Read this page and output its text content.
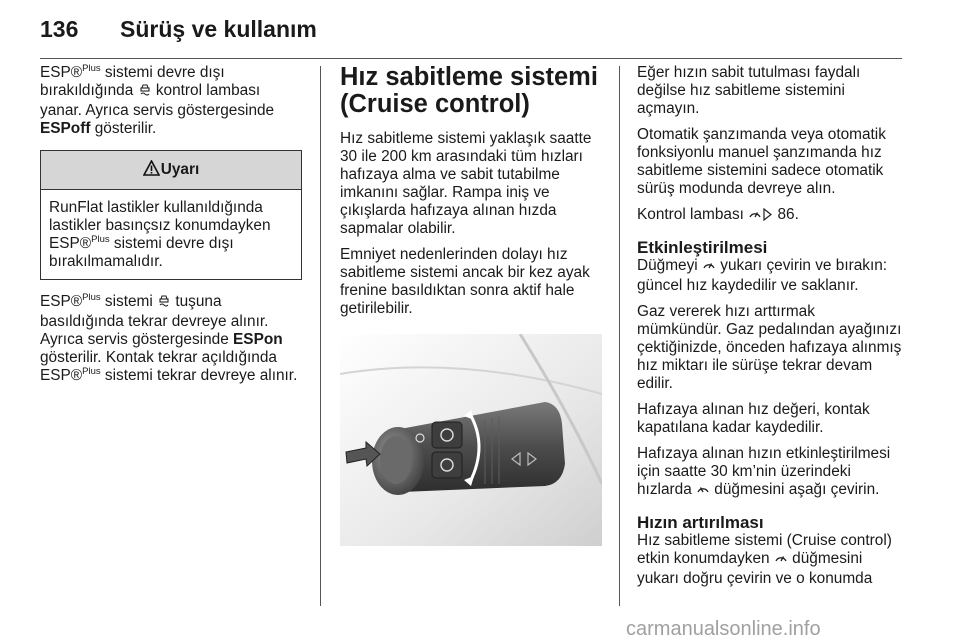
136 Sürüş ve kullanım

ESP®$^{Plus}$ sistemi devre dışı bırakıldığında  kontrol lambası yanar. Ayrıca servis göstergesinde ESPoff gösterilir.

Uyarı
RunFlat lastikler kullanıldığında lastikler basınçsız konumdayken ESP®$^{Plus}$ sistemi devre dışı bırakılmamalıdır.

ESP®$^{Plus}$ sistemi  tuşuna basıldığında tekrar devreye alınır. Ayrıca servis göstergesinde ESPon gösterilir. Kontak tekrar açıldığında ESP®$^{Plus}$ sistemi tekrar devreye alınır.

Hız sabitleme sistemi (Cruise control)

Hız sabitleme sistemi yaklaşık saatte 30 ile 200 km arasındaki tüm hızları hafızaya alma ve sabit tutabilme imkanını sağlar. Rampa iniş ve çıkışlarda hafızaya alınan hızda sapmalar olabilir.

Emniyet nedenlerinden dolayı hız sabitleme sistemi ancak bir kez ayak frenine basıldıktan sonra aktif hale getirilebilir.

Eğer hızın sabit tutulması faydalı değilse hız sabitleme sistemini açmayın.

Otomatik şanzımanda veya otomatik fonksiyonlu manuel şanzımanda hız sabitleme sistemini sadece otomatik sürüş modunda devreye alın.

Kontrol lambası  86.

Etkinleştirilmesi

Düğmeyi  yukarı çevirin ve bırakın: güncel hız kaydedilir ve saklanır.

Gaz vererek hızı arttırmak mümkündür. Gaz pedalından ayağınızı çektiğinizde, önceden hafızaya alınmış hız miktarı ile sürüşe tekrar devam edilir.

Hafızaya alınan hız değeri, kontak kapatılana kadar kaydedilir.

Hafızaya alınan hızın etkinleştirilmesi için saatte 30 km’nin üzerindeki hızlarda  düğmesini aşağı çevirin.

Hızın artırılması

Hız sabitleme sistemi (Cruise control) etkin konumdayken  düğmesini yukarı doğru çevirin ve o konumda

carmanualsonline.info
